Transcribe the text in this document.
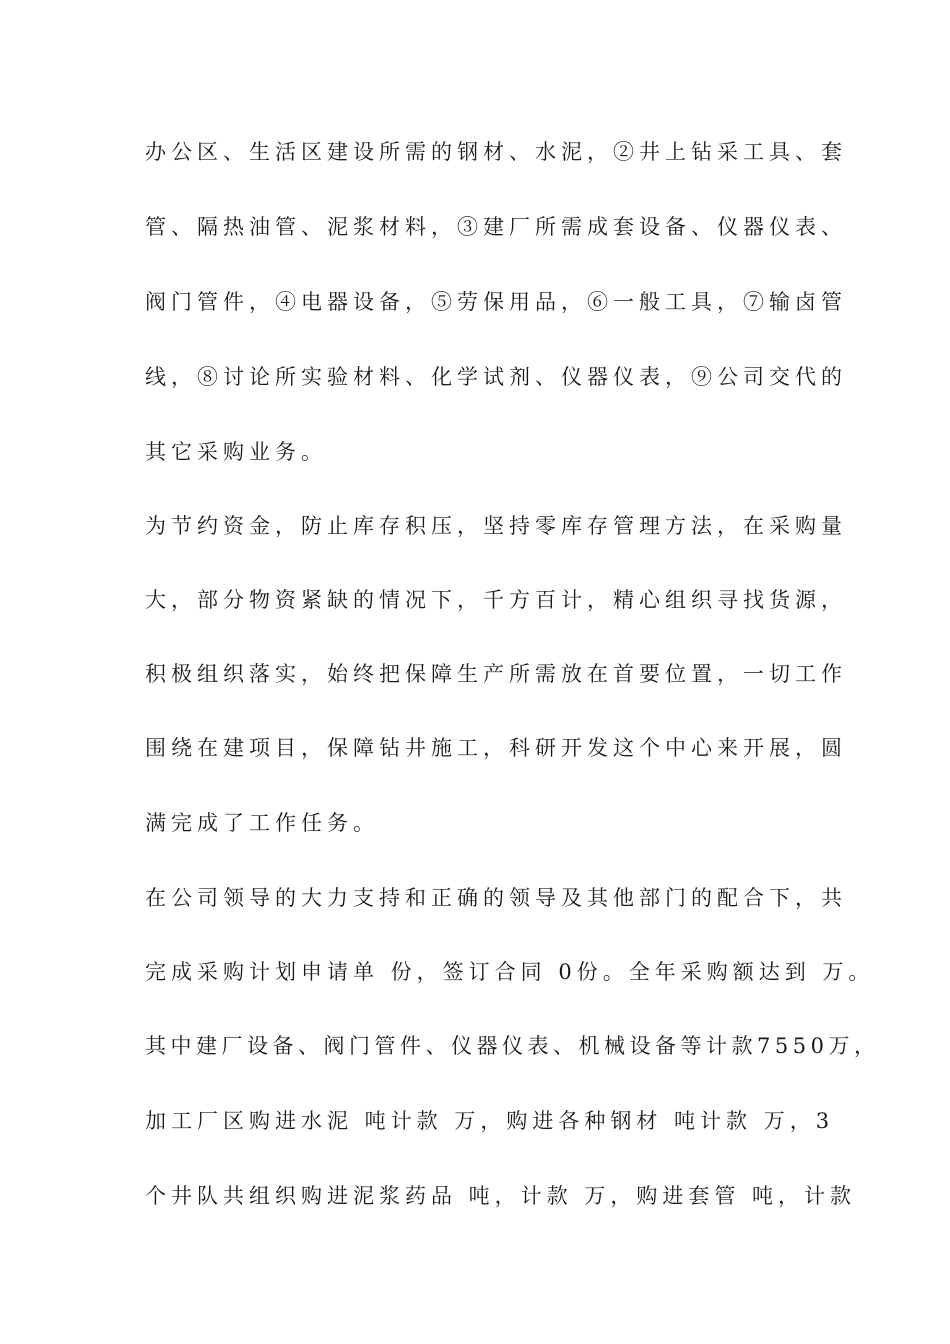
办公区、生活区建设所需的钢材、水泥，②井上钻采工具、套
管、隔热油管、泥浆材料，③建厂所需成套设备、仪器仪表、
阀门管件，④电器设备，⑤劳保用品，⑥一般工具，⑦输卤管
线，⑧讨论所实验材料、化学试剂、仪器仪表，⑨公司交代的
其它采购业务。
为节约资金，防止库存积压，坚持零库存管理方法，在采购量
大，部分物资紧缺的情况下，千方百计，精心组织寻找货源，
积极组织落实，始终把保障生产所需放在首要位置，一切工作
围绕在建项目，保障钻井施工，科研开发这个中心来开展，圆
满完成了工作任务。
在公司领导的大力支持和正确的领导及其他部门的配合下，共
完成采购计划申请单 份，签订合同 0份。全年采购额达到 万。
其中建厂设备、阀门管件、仪器仪表、机械设备等计款7550万，
加工厂区购进水泥 吨计款 万，购进各种钢材 吨计款 万，3
个井队共组织购进泥浆药品 吨，计款 万，购进套管 吨，计款
